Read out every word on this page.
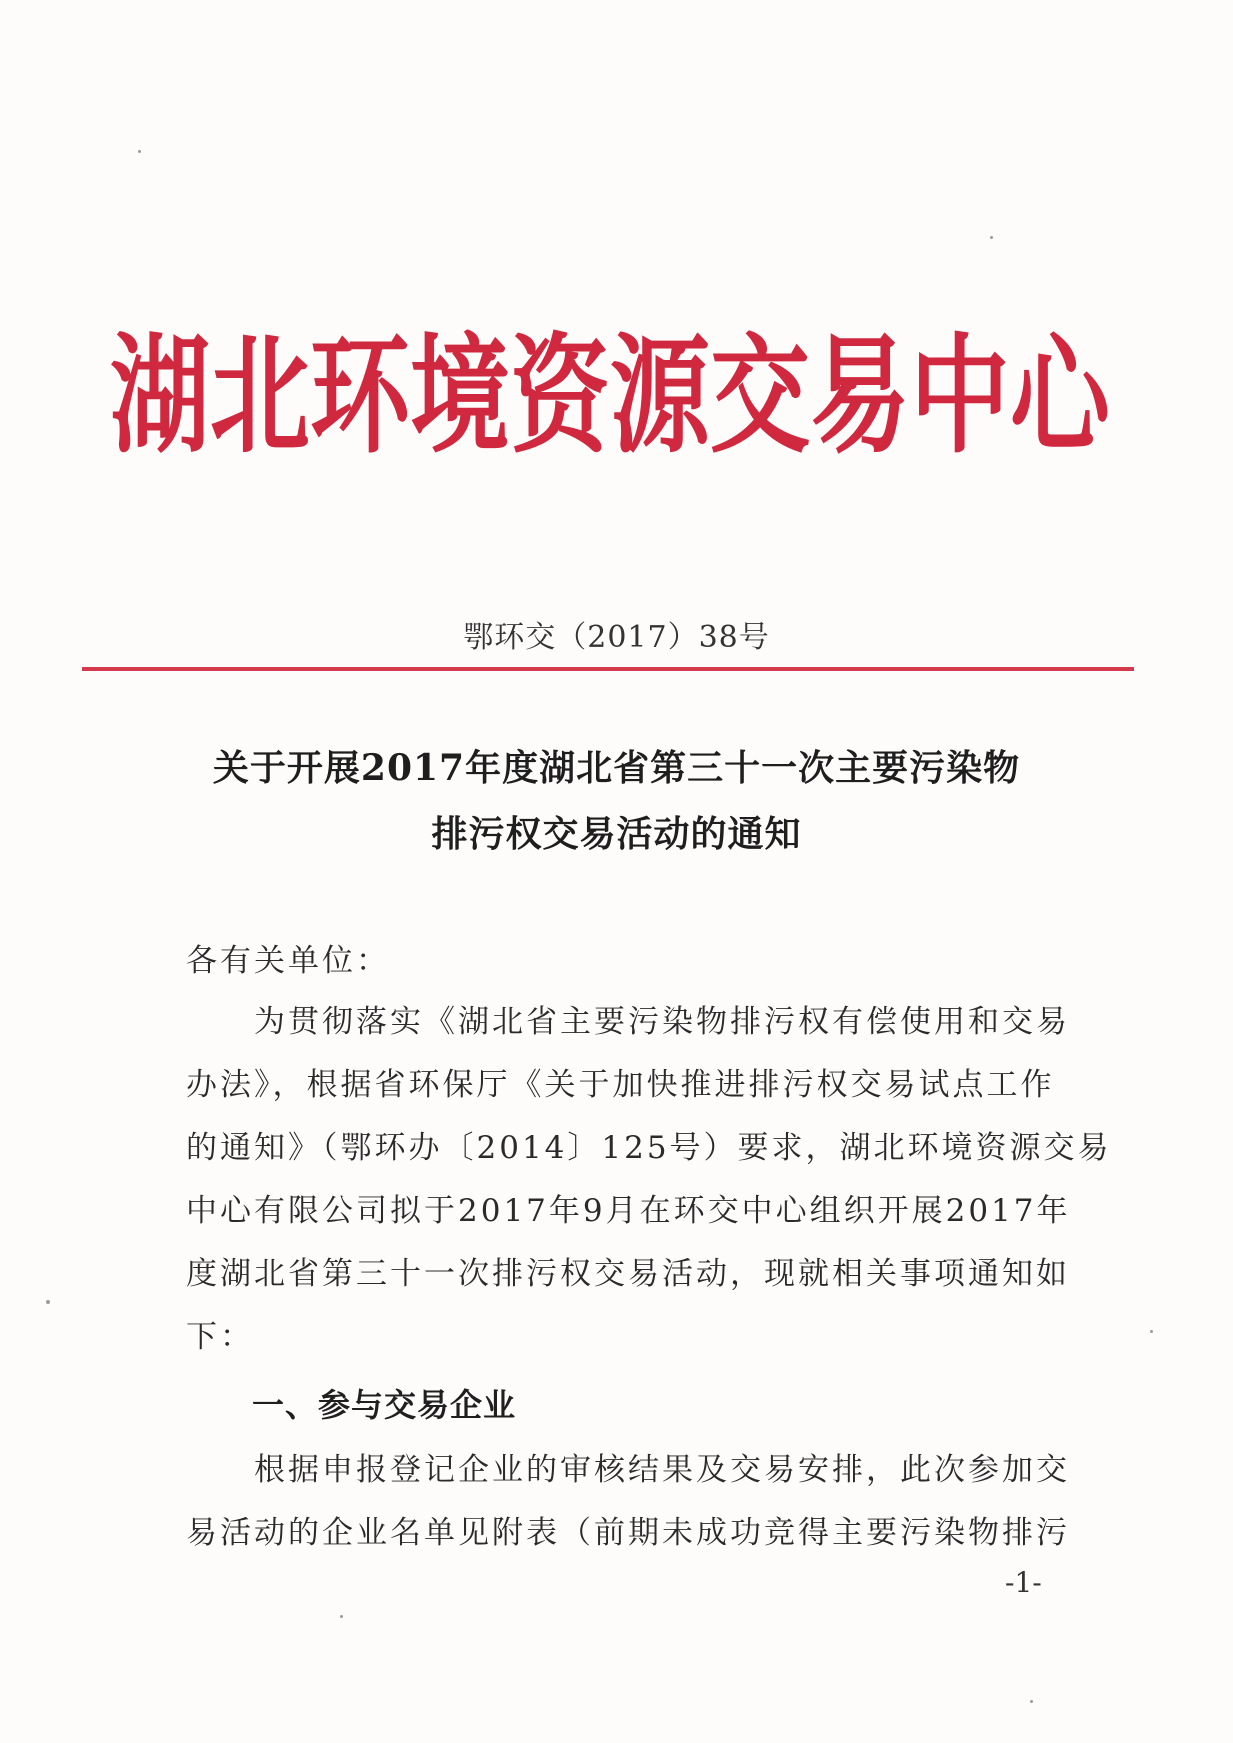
湖北环境资源交易中心
鄂环交（2017）38号
关于开展2017年度湖北省第三十一次主要污染物
排污权交易活动的通知
各有关单位：
　　为贯彻落实《湖北省主要污染物排污权有偿使用和交易
办法》，根据省环保厅《关于加快推进排污权交易试点工作
的通知》（鄂环办〔2014〕125号）要求，湖北环境资源交易
中心有限公司拟于2017年9月在环交中心组织开展2017年
度湖北省第三十一次排污权交易活动，现就相关事项通知如
下：
一、参与交易企业
　　根据申报登记企业的审核结果及交易安排，此次参加交
易活动的企业名单见附表（前期未成功竞得主要污染物排污
-1-
